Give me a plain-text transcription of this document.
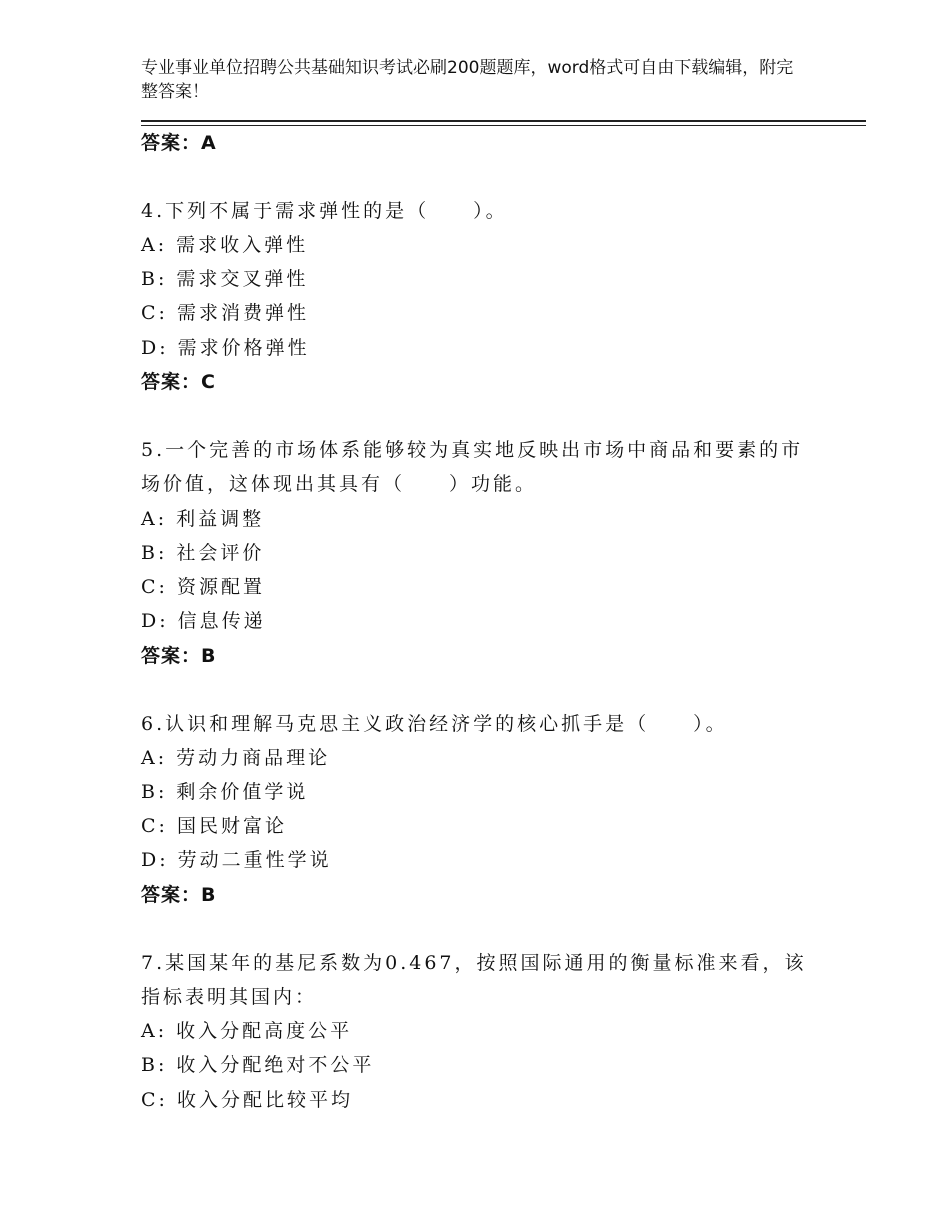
专业事业单位招聘公共基础知识考试必刷200题题库，word格式可自由下载编辑，附完整答案！
答案：A
4.下列不属于需求弹性的是（　　）。
A: 需求收入弹性
B: 需求交叉弹性
C: 需求消费弹性
D: 需求价格弹性
答案：C
5.一个完善的市场体系能够较为真实地反映出市场中商品和要素的市场价值，这体现出其具有（　　）功能。
A: 利益调整
B: 社会评价
C: 资源配置
D: 信息传递
答案：B
6.认识和理解马克思主义政治经济学的核心抓手是（　　）。
A: 劳动力商品理论
B: 剩余价值学说
C: 国民财富论
D: 劳动二重性学说
答案：B
7.某国某年的基尼系数为0.467，按照国际通用的衡量标准来看，该指标表明其国内：
A: 收入分配高度公平
B: 收入分配绝对不公平
C: 收入分配比较平均
